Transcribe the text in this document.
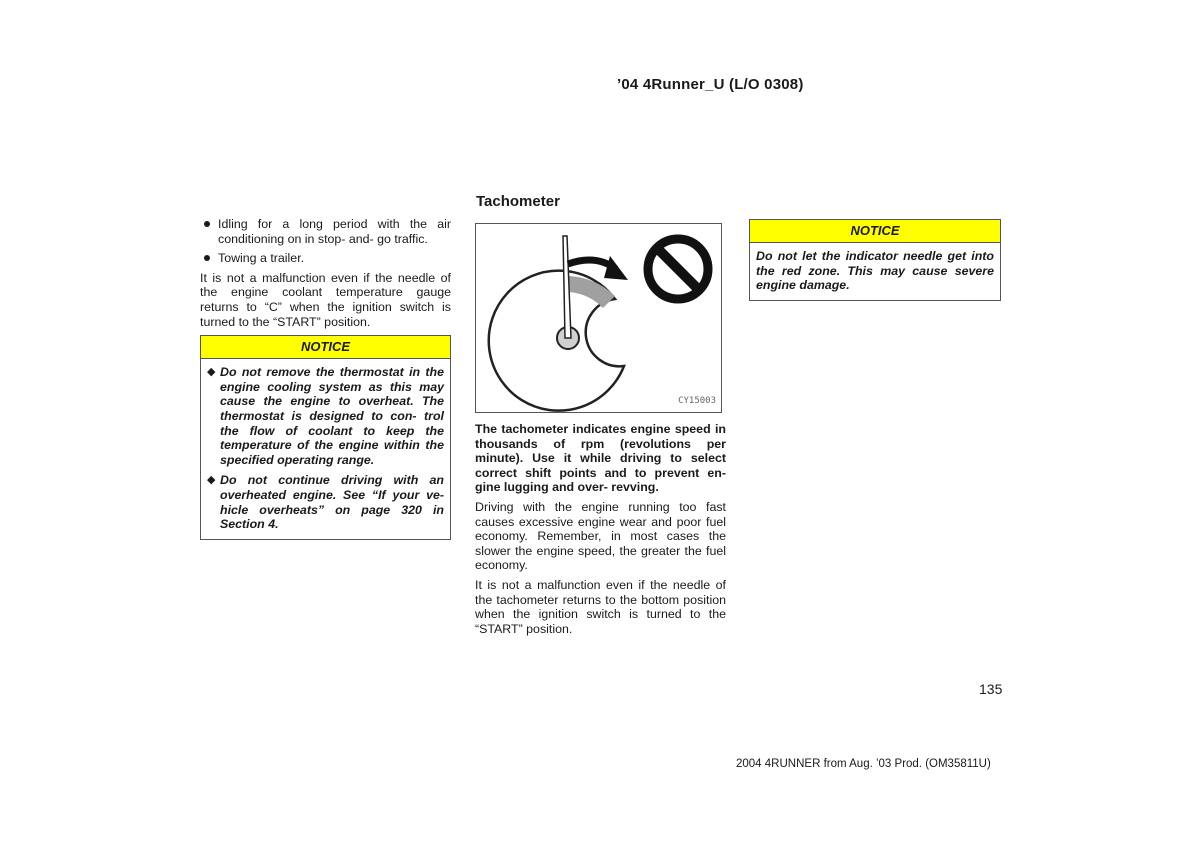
’04 4Runner_U (L/O 0308)
Idling for a long period with the air conditioning on in stop- and- go traffic.
Towing a trailer.

It is not a malfunction even if the needle of the engine coolant temperature gauge returns to “C” when the ignition switch is turned to the “START” position.

NOTICE
◆ Do not remove the thermostat in the engine cooling system as this may cause the engine to overheat. The thermostat is designed to con- trol the flow of coolant to keep the temperature of the engine within the specified operating range.
◆ Do not continue driving with an overheated engine. See “If your ve- hicle overheats” on page 320 in Section 4.
Tachometer
CY15003

The tachometer indicates engine speed in thousands of rpm (revolutions per minute). Use it while driving to select correct shift points and to prevent en- gine lugging and over- revving.

Driving with the engine running too fast causes excessive engine wear and poor fuel economy. Remember, in most cases the slower the engine speed, the greater the fuel economy.

It is not a malfunction even if the needle of the tachometer returns to the bottom position when the ignition switch is turned to the “START” position.

NOTICE
Do not let the indicator needle get into the red zone. This may cause severe engine damage.
135
2004 4RUNNER from Aug. ’03 Prod. (OM35811U)
